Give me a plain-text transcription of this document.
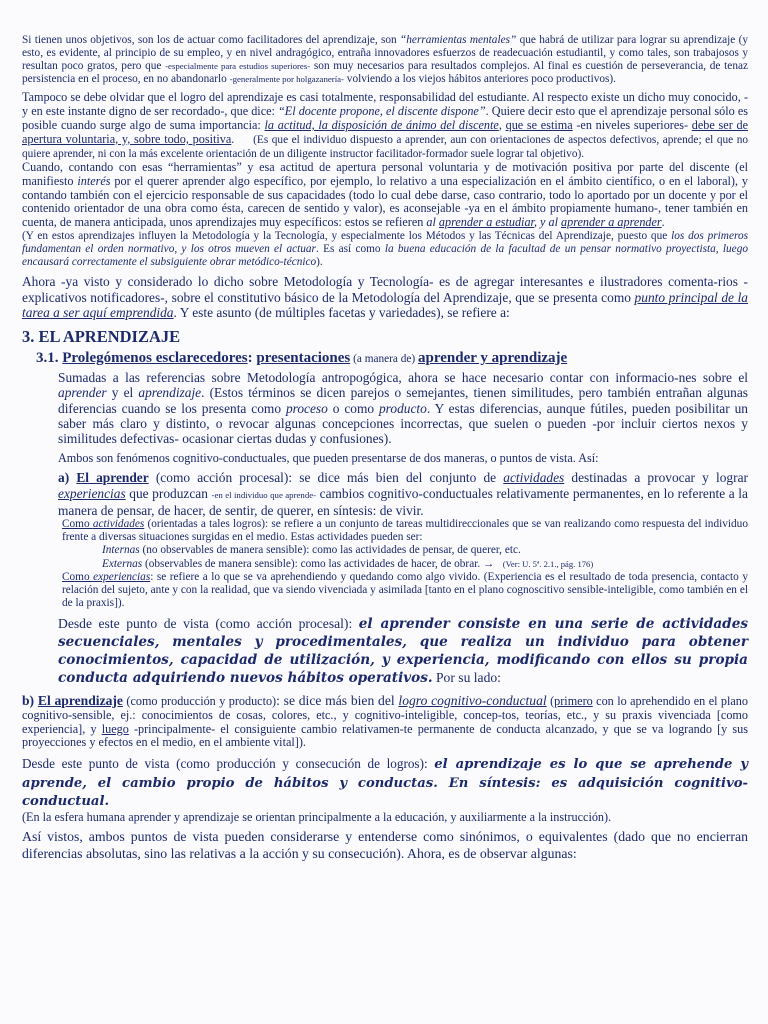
Si tienen unos objetivos, son los de actuar como facilitadores del aprendizaje, son “herramientas mentales” que habrá de utilizar para lograr su aprendizaje (y esto, es evidente, al principio de su empleo, y en nivel andragógico, entraña innovadores esfuerzos de readecuación estudiantil, y como tales, son trabajosos y resultan poco gratos, pero que -especialmente para estudios superiores- son muy necesarios para resultados complejos. Al final es cuestión de perseverancia, de tenaz persistencia en el proceso, en no abandonarlo -generalmente por holgazanería- volviendo a los viejos hábitos anteriores poco productivos).

Tampoco se debe olvidar que el logro del aprendizaje es casi totalmente, responsabilidad del estudiante. Al respecto existe un dicho muy conocido, -y en este instante digno de ser recordado-, que dice: “El docente propone, el discente dispone”. Quiere decir esto que el aprendizaje personal sólo es posible cuando surge algo de suma importancia: la actitud, la disposición de ánimo del discente, que se estima -en niveles superiores- debe ser de apertura voluntaria, y, sobre todo, positiva. (Es que el individuo dispuesto a aprender, aun con orientaciones de aspectos defectivos, aprende; el que no quiere aprender, ni con la más excelente orientación de un diligente instructor facilitador-formador suele lograr tal objetivo).

Cuando, contando con esas “herramientas” y esa actitud de apertura personal voluntaria y de motivación positiva por parte del discente (el manifiesto interés por el querer aprender algo específico, por ejemplo, lo relativo a una especialización en el ámbito científico, o en el laboral), y contando también con el ejercicio responsable de sus capacidades (todo lo cual debe darse, caso contrario, todo lo aportado por un docente y por el contenido orientador de una obra como ésta, carecen de sentido y valor), es aconsejable -ya en el ámbito propiamente humano-, tener también en cuenta, de manera anticipada, unos aprendizajes muy específicos: estos se refieren al aprender a estudiar, y al aprender a aprender.

(Y en estos aprendizajes influyen la Metodología y la Tecnología, y especialmente los Métodos y las Técnicas del Aprendizaje, puesto que los dos primeros fundamentan el orden normativo, y los otros mueven el actuar. Es así como la buena educación de la facultad de un pensar normativo proyectista, luego encausará correctamente el subsiguiente obrar metódico-técnico).

Ahora -ya visto y considerado lo dicho sobre Metodología y Tecnología- es de agregar interesantes e ilustradores comenta-rios -explicativos notificadores-, sobre el constitutivo básico de la Metodología del Aprendizaje, que se presenta como punto principal de la tarea a ser aquí emprendida. Y este asunto (de múltiples facetas y variedades), se refiere a:

3. EL APRENDIZAJE
3.1. Prolegómenos esclarecedores: presentaciones (a manera de) aprender y aprendizaje

Sumadas a las referencias sobre Metodología antropogógica, ahora se hace necesario contar con informacio-nes sobre el aprender y el aprendizaje. (Estos términos se dicen parejos o semejantes, tienen similitudes, pero también entrañan algunas diferencias cuando se los presenta como proceso o como producto. Y estas diferencias, aunque fútiles, pueden posibilitar un saber más claro y distinto, o revocar algunas concepciones incorrectas, que suelen o pueden -por incluir ciertos nexos y similitudes defectivas- ocasionar ciertas dudas y confusiones).

Ambos son fenómenos cognitivo-conductuales, que pueden presentarse de dos maneras, o puntos de vista. Así:

a) El aprender (como acción procesal): se dice más bien del conjunto de actividades destinadas a provocar y lograr experiencias que produzcan -en el individuo que aprende- cambios cognitivo-conductuales relativamente permanentes, en lo referente a la manera de pensar, de hacer, de sentir, de querer, en síntesis: de vivir.

Como actividades (orientadas a tales logros): se refiere a un conjunto de tareas multidireccionales que se van realizando como respuesta del individuo frente a diversas situaciones surgidas en el medio. Estas actividades pueden ser:

Internas (no observables de manera sensible): como las actividades de pensar, de querer, etc.

Externas (observables de manera sensible): como las actividades de hacer, de obrar. → (Ver: U. 5ª. 2.1., pág. 176)

Como experiencias: se refiere a lo que se va aprehendiendo y quedando como algo vivido. (Experiencia es el resultado de toda presencia, contacto y relación del sujeto, ante y con la realidad, que va siendo vivenciada y asimilada [tanto en el plano cognoscitivo sensible-inteligible, como también en el de la praxis]).

Desde este punto de vista (como acción procesal): el aprender consiste en una serie de actividades secuenciales, mentales y procedimentales, que realiza un individuo para obtener conocimientos, capacidad de utilización, y experiencia, modificando con ellos su propia conducta adquiriendo nuevos hábitos operativos. Por su lado:

b) El aprendizaje (como producción y producto): se dice más bien del logro cognitivo-conductual (primero con lo aprehendido en el plano cognitivo-sensible, ej.: conocimientos de cosas, colores, etc., y cognitivo-inteligible, concep-tos, teorías, etc., y su praxis vivenciada [como experiencia], y luego -principalmente- el consiguiente cambio relativamen-te permanente de conducta alcanzado, y que se va logrando [y sus proyecciones y efectos en el medio, en el ambiente vital]).

Desde este punto de vista (como producción y consecución de logros): el aprendizaje es lo que se aprehende y aprende, el cambio propio de hábitos y conductas. En síntesis: es adquisición cognitivo-conductual.

(En la esfera humana aprender y aprendizaje se orientan principalmente a la educación, y auxiliarmente a la instrucción).

Así vistos, ambos puntos de vista pueden considerarse y entenderse como sinónimos, o equivalentes (dado que no encierran diferencias absolutas, sino las relativas a la acción y su consecución). Ahora, es de observar algunas:
